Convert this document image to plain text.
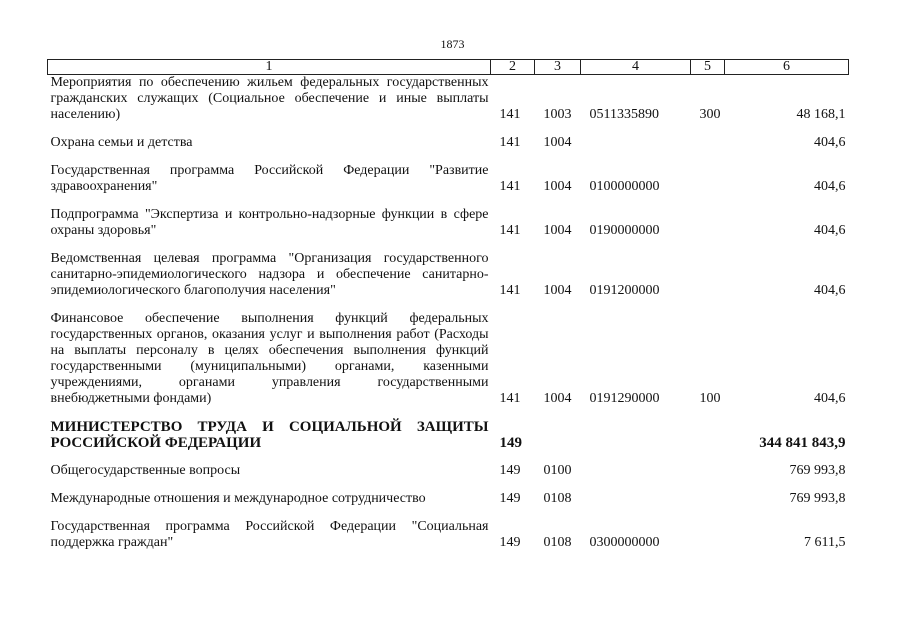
1873
1	2	3	4	5	6
Мероприятия по обеспечению жильем федеральных государственных гражданских служащих (Социальное обеспечение и иные выплаты населению)	141	1003	0511335890	300	48 168,1

Охрана семьи и детства	141	1004			404,6

Государственная программа Российской Федерации "Развитие здравоохранения"	141	1004	0100000000		404,6

Подпрограмма "Экспертиза и контрольно-надзорные функции в сфере охраны здоровья"	141	1004	0190000000		404,6

Ведомственная целевая программа "Организация государственного санитарно-эпидемиологического надзора и обеспечение санитарно-эпидемиологического благополучия населения"	141	1004	0191200000		404,6

Финансовое обеспечение выполнения функций федеральных государственных органов, оказания услуг и выполнения работ (Расходы на выплаты персоналу в целях обеспечения выполнения функций государственными (муниципальными) органами, казенными учреждениями, органами управления государственными внебюджетными фондами)	141	1004	0191290000	100	404,6

МИНИСТЕРСТВО ТРУДА И СОЦИАЛЬНОЙ ЗАЩИТЫ РОССИЙСКОЙ ФЕДЕРАЦИИ	149				344 841 843,9

Общегосударственные вопросы	149	0100			769 993,8

Международные отношения и международное сотрудничество	149	0108			769 993,8

Государственная программа Российской Федерации "Социальная поддержка граждан"	149	0108	0300000000		7 611,5
